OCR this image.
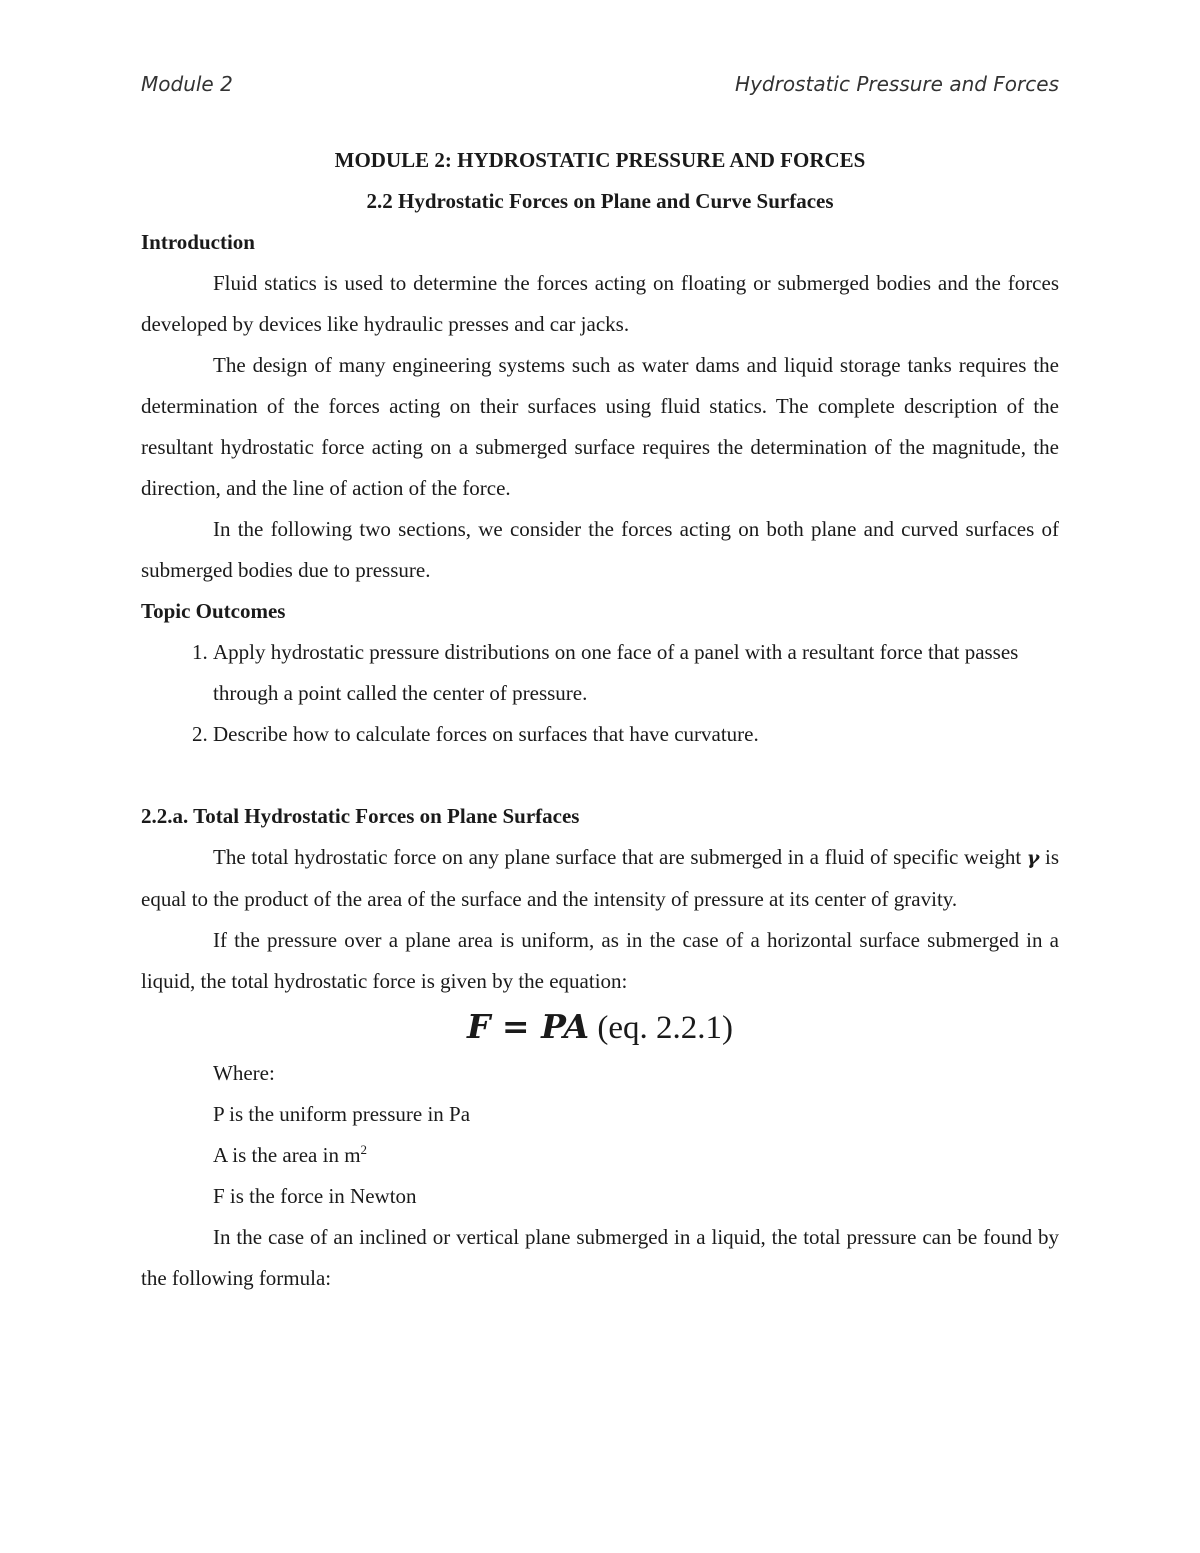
Module 2	Hydrostatic Pressure and Forces

MODULE 2: HYDROSTATIC PRESSURE AND FORCES

2.2 Hydrostatic Forces on Plane and Curve Surfaces

Introduction

Fluid statics is used to determine the forces acting on floating or submerged bodies and the forces developed by devices like hydraulic presses and car jacks.

The design of many engineering systems such as water dams and liquid storage tanks requires the determination of the forces acting on their surfaces using fluid statics. The complete description of the resultant hydrostatic force acting on a submerged surface requires the determination of the magnitude, the direction, and the line of action of the force.

In the following two sections, we consider the forces acting on both plane and curved surfaces of submerged bodies due to pressure.

Topic Outcomes

1. Apply hydrostatic pressure distributions on one face of a panel with a resultant force that passes through a point called the center of pressure.
2. Describe how to calculate forces on surfaces that have curvature.

2.2.a. Total Hydrostatic Forces on Plane Surfaces

The total hydrostatic force on any plane surface that are submerged in a fluid of specific weight γ is equal to the product of the area of the surface and the intensity of pressure at its center of gravity.

If the pressure over a plane area is uniform, as in the case of a horizontal surface submerged in a liquid, the total hydrostatic force is given by the equation:

F = PA (eq. 2.2.1)

Where:

P is the uniform pressure in Pa

A is the area in $m^2$

F is the force in Newton

In the case of an inclined or vertical plane submerged in a liquid, the total pressure can be found by the following formula:
